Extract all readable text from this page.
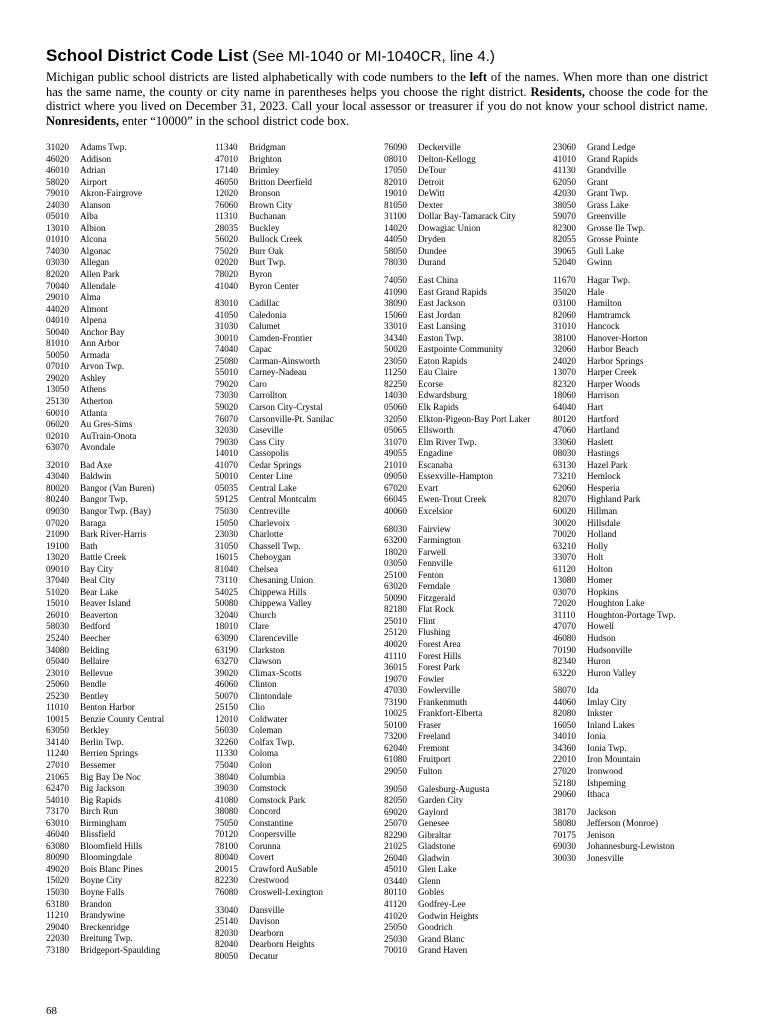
School District Code List (See MI-1040 or MI-1040CR, line 4.)

Michigan public school districts are listed alphabetically with code numbers to the left of the names. When more than one district has the same name, the county or city name in parentheses helps you choose the right district. Residents, choose the code for the district where you lived on December 31, 2023. Call your local assessor or treasurer if you do not know your school district name. Nonresidents, enter “10000” in the school district code box.

31020	Adams Twp.
46020	Addison
46010	Adrian
58020	Airport
79010	Akron-Fairgrove
24030	Alanson
05010	Alba
13010	Albion
01010	Alcona
74030	Algonac
03030	Allegan
82020	Allen Park
70040	Allendale
29010	Alma
44020	Almont
04010	Alpena
50040	Anchor Bay
81010	Ann Arbor
50050	Armada
07010	Arvon Twp.
29020	Ashley
13050	Athens
25130	Atherton
60010	Atlanta
06020	Au Gres-Sims
02010	AuTrain-Onota
63070	Avondale
32010	Bad Axe
43040	Baldwin
80020	Bangor (Van Buren)
80240	Bangor Twp.
09030	Bangor Twp. (Bay)
07020	Baraga
21090	Bark River-Harris
19100	Bath
13020	Battle Creek
09010	Bay City
37040	Beal City
51020	Bear Lake
15010	Beaver Island
26010	Beaverton
58030	Bedford
25240	Beecher
34080	Belding
05040	Bellaire
23010	Bellevue
25060	Bendle
25230	Bentley
11010	Benton Harbor
10015	Benzie County Central
63050	Berkley
34140	Berlin Twp.
11240	Berrien Springs
27010	Bessemer
21065	Big Bay De Noc
62470	Big Jackson
54010	Big Rapids
73170	Birch Run
63010	Birmingham
46040	Blissfield
63080	Bloomfield Hills
80090	Bloomingdale
49020	Bois Blanc Pines
15020	Boyne City
15030	Boyne Falls
63180	Brandon
11210	Brandywine
29040	Breckenridge
22030	Breitung Twp.
73180	Bridgeport-Spaulding
11340	Bridgman
47010	Brighton
17140	Brimley
46050	Britton Deerfield
12020	Bronson
76060	Brown City
11310	Buchanan
28035	Buckley
56020	Bullock Creek
75020	Burr Oak
02020	Burt Twp.
78020	Byron
41040	Byron Center
83010	Cadillac
41050	Caledonia
31030	Calumet
30010	Camden-Frontier
74040	Capac
25080	Carman-Ainsworth
55010	Carney-Nadeau
79020	Caro
73030	Carrollton
59020	Carson City-Crystal
76070	Carsonville-Pt. Sanilac
32030	Caseville
79030	Cass City
14010	Cassopolis
41070	Cedar Springs
50010	Center Line
05035	Central Lake
59125	Central Montcalm
75030	Centreville
15050	Charlevoix
23030	Charlotte
31050	Chassell Twp.
16015	Cheboygan
81040	Chelsea
73110	Chesaning Union
54025	Chippewa Hills
50080	Chippewa Valley
32040	Church
18010	Clare
63090	Clarenceville
63190	Clarkston
63270	Clawson
39020	Climax-Scotts
46060	Clinton
50070	Clintondale
25150	Clio
12010	Coldwater
56030	Coleman
32260	Colfax Twp.
11330	Coloma
75040	Colon
38040	Columbia
39030	Comstock
41080	Comstock Park
38080	Concord
75050	Constantine
70120	Coopersville
78100	Corunna
80040	Covert
20015	Crawford AuSable
82230	Crestwood
76080	Croswell-Lexington
33040	Dansville
25140	Davison
82030	Dearborn
82040	Dearborn Heights
80050	Decatur
76090	Deckerville
08010	Delton-Kellogg
17050	DeTour
82010	Detroit
19010	DeWitt
81050	Dexter
31100	Dollar Bay-Tamarack City
14020	Dowagiac Union
44050	Dryden
58050	Dundee
78030	Durand
74050	East China
41090	East Grand Rapids
38090	East Jackson
15060	East Jordan
33010	East Lansing
34340	Easton Twp.
50020	Eastpointe Community
23050	Eaton Rapids
11250	Eau Claire
82250	Ecorse
14030	Edwardsburg
05060	Elk Rapids
32050	Elkton-Pigeon-Bay Port Laker
05065	Ellsworth
31070	Elm River Twp.
49055	Engadine
21010	Escanaba
09050	Essexville-Hampton
67020	Evart
66045	Ewen-Trout Creek
40060	Excelsior
68030	Fairview
63200	Farmington
18020	Farwell
03050	Fennville
25100	Fenton
63020	Ferndale
50090	Fitzgerald
82180	Flat Rock
25010	Flint
25120	Flushing
40020	Forest Area
41110	Forest Hills
36015	Forest Park
19070	Fowler
47030	Fowlerville
73190	Frankenmuth
10025	Frankfort-Elberta
50100	Fraser
73200	Freeland
62040	Fremont
61080	Fruitport
29050	Fulton
39050	Galesburg-Augusta
82050	Garden City
69020	Gaylord
25070	Genesee
82290	Gibraltar
21025	Gladstone
26040	Gladwin
45010	Glen Lake
03440	Glenn
80110	Gobles
41120	Godfrey-Lee
41020	Godwin Heights
25050	Goodrich
25030	Grand Blanc
70010	Grand Haven
23060	Grand Ledge
41010	Grand Rapids
41130	Grandville
62050	Grant
42030	Grant Twp.
38050	Grass Lake
59070	Greenville
82300	Grosse Ile Twp.
82055	Grosse Pointe
39065	Gull Lake
52040	Gwinn
11670	Hagar Twp.
35020	Hale
03100	Hamilton
82060	Hamtramck
31010	Hancock
38100	Hanover-Horton
32060	Harbor Beach
24020	Harbor Springs
13070	Harper Creek
82320	Harper Woods
18060	Harrison
64040	Hart
80120	Hartford
47060	Hartland
33060	Haslett
08030	Hastings
63130	Hazel Park
73210	Hemlock
62060	Hesperia
82070	Highland Park
60020	Hillman
30020	Hillsdale
70020	Holland
63210	Holly
33070	Holt
61120	Holton
13080	Homer
03070	Hopkins
72020	Houghton Lake
31110	Houghton-Portage Twp.
47070	Howell
46080	Hudson
70190	Hudsonville
82340	Huron
63220	Huron Valley
58070	Ida
44060	Imlay City
82080	Inkster
16050	Inland Lakes
34010	Ionia
34360	Ionia Twp.
22010	Iron Mountain
27020	Ironwood
52180	Ishpeming
29060	Ithaca
38170	Jackson
58080	Jefferson (Monroe)
70175	Jenison
69030	Johannesburg-Lewiston
30030	Jonesville
68
